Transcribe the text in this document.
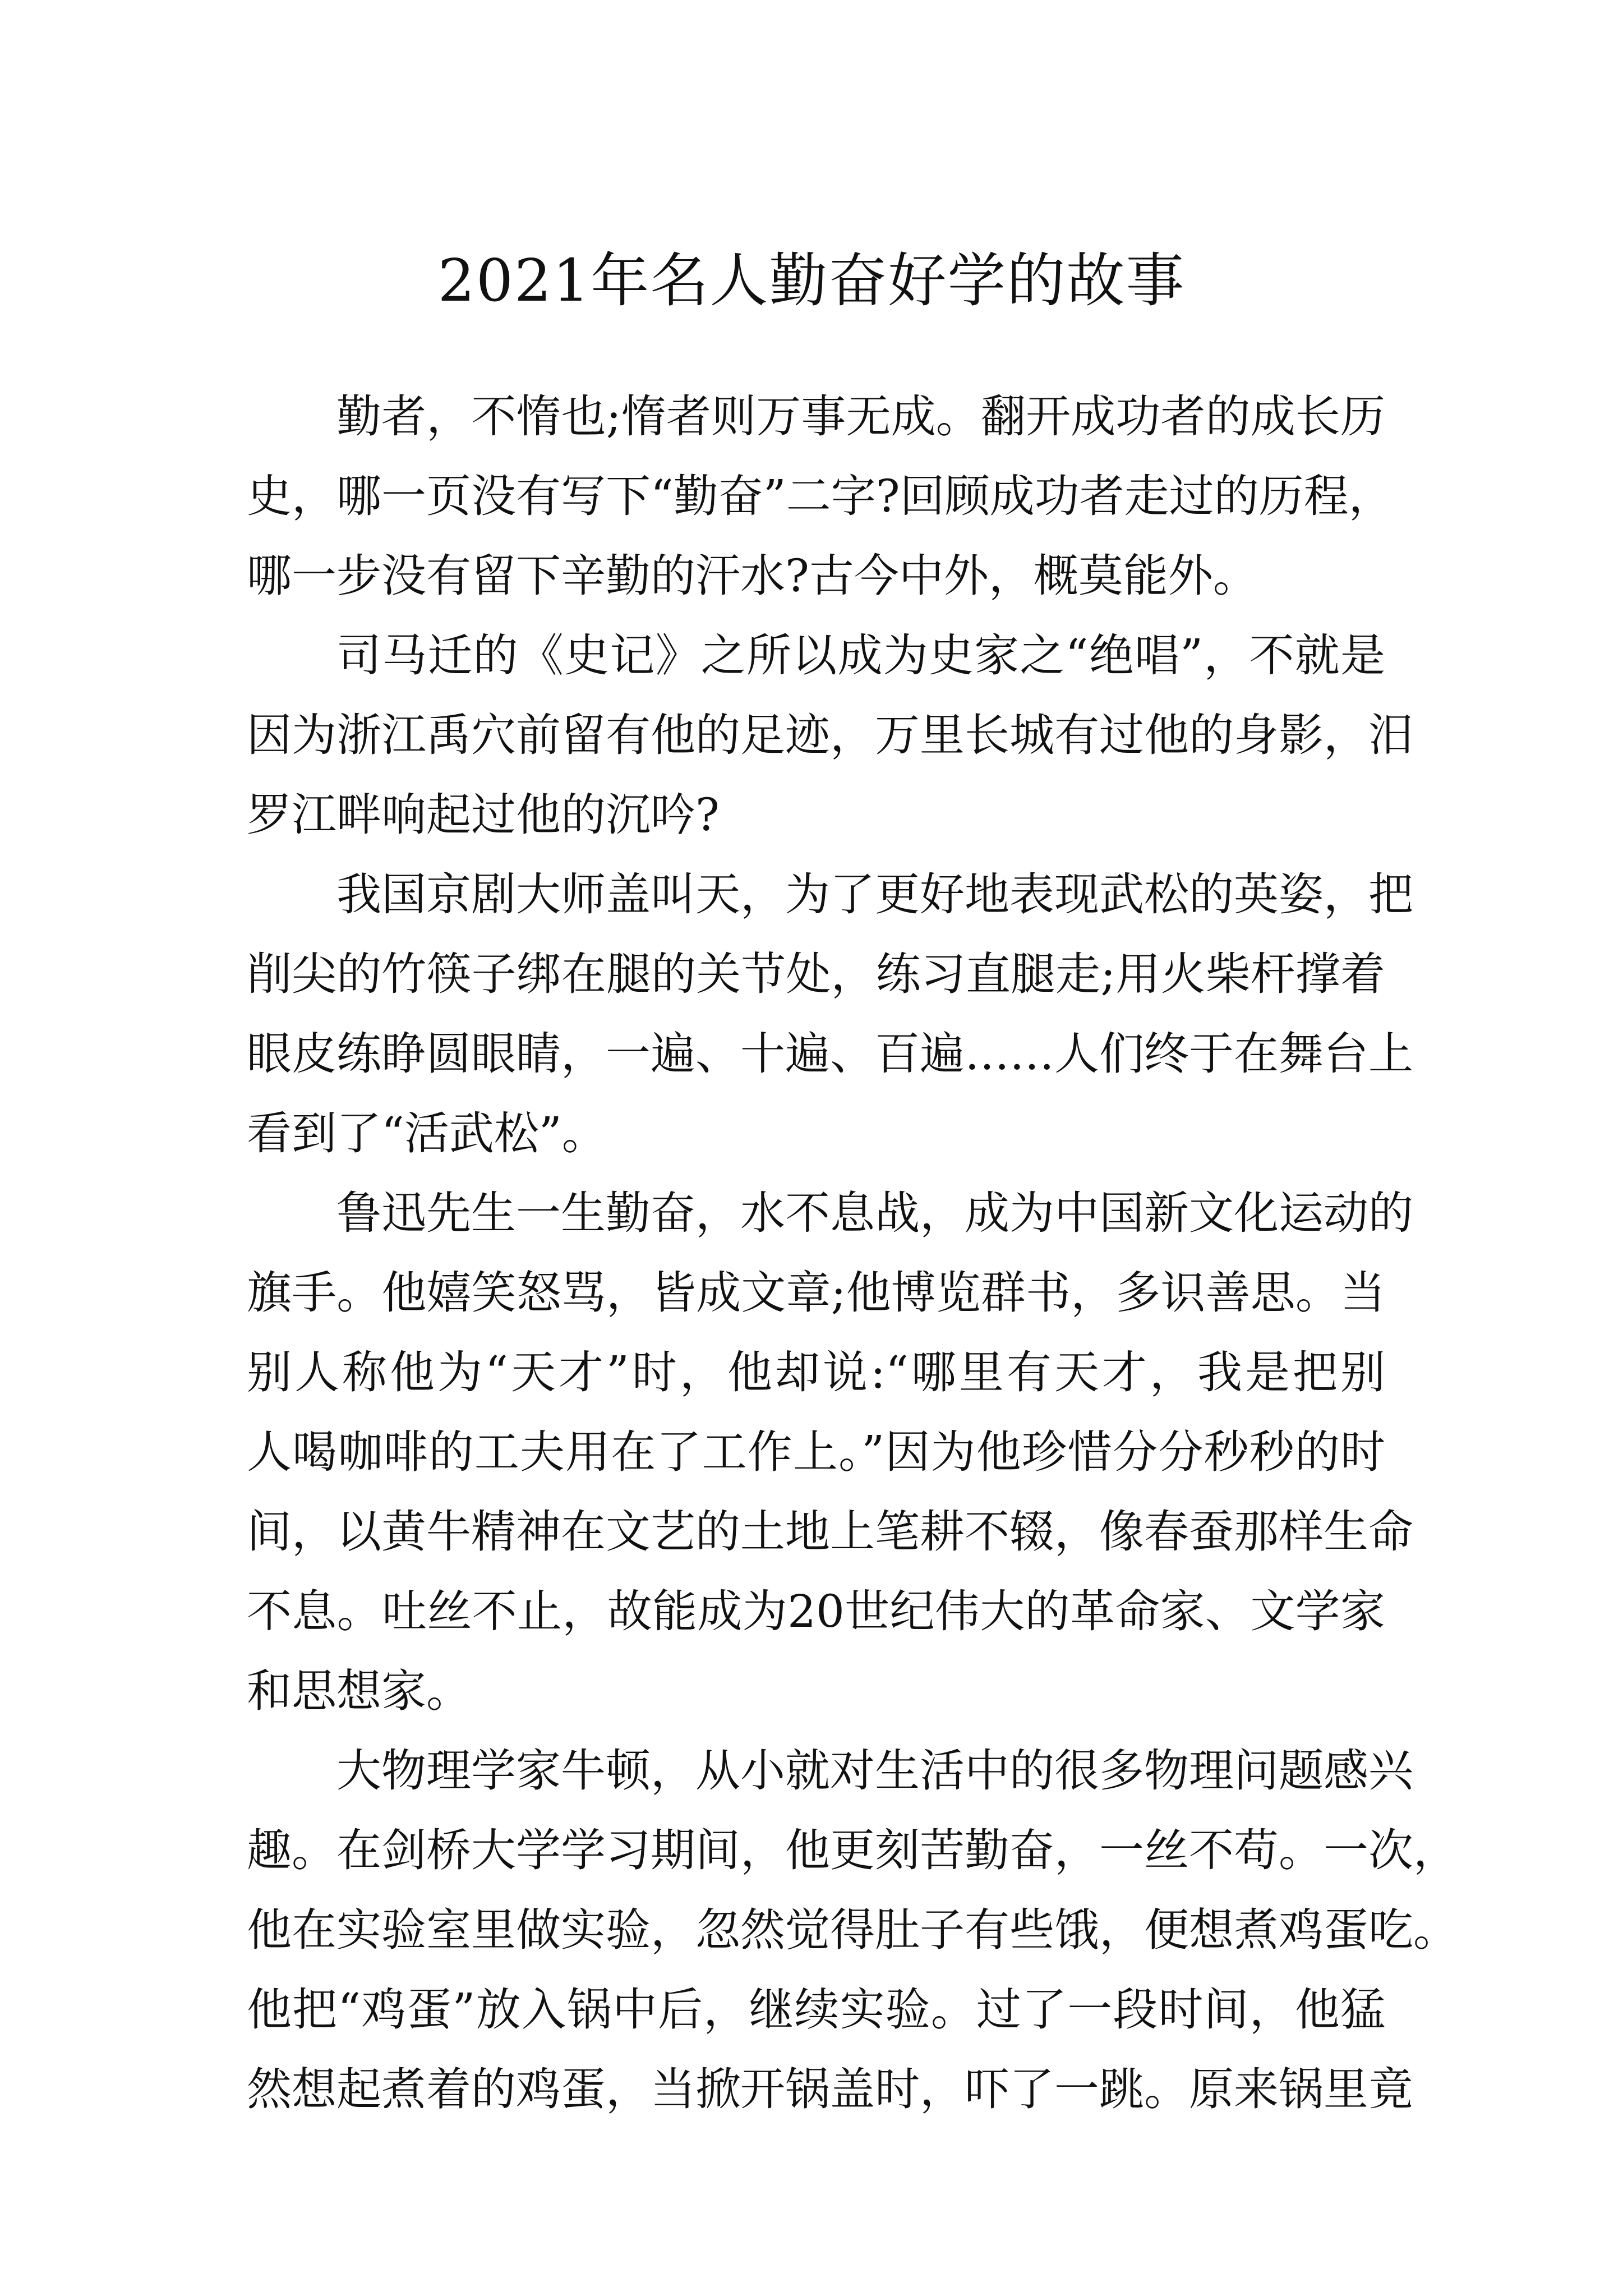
2021年名人勤奋好学的故事
勤者，不惰也;惰者则万事无成。翻开成功者的成长历
史，哪一页没有写下“勤奋”二字?回顾成功者走过的历程，
哪一步没有留下辛勤的汗水?古今中外，概莫能外。
司马迁的《史记》之所以成为史家之“绝唱”，不就是
因为浙江禹穴前留有他的足迹，万里长城有过他的身影，汨
罗江畔响起过他的沉吟?
我国京剧大师盖叫天，为了更好地表现武松的英姿，把
削尖的竹筷子绑在腿的关节处，练习直腿走;用火柴杆撑着
眼皮练睁圆眼睛，一遍、十遍、百遍……人们终于在舞台上
看到了“活武松”。
鲁迅先生一生勤奋，水不息战，成为中国新文化运动的
旗手。他嬉笑怒骂，皆成文章;他博览群书，多识善思。当
别人称他为“天才”时，他却说:“哪里有天才，我是把别
人喝咖啡的工夫用在了工作上。”因为他珍惜分分秒秒的时
间，以黄牛精神在文艺的土地上笔耕不辍，像春蚕那样生命
不息。吐丝不止，故能成为20世纪伟大的革命家、文学家
和思想家。
大物理学家牛顿，从小就对生活中的很多物理问题感兴
趣。在剑桥大学学习期间，他更刻苦勤奋，一丝不苟。一次，
他在实验室里做实验，忽然觉得肚子有些饿，便想煮鸡蛋吃。
他把“鸡蛋”放入锅中后，继续实验。过了一段时间，他猛
然想起煮着的鸡蛋，当掀开锅盖时，吓了一跳。原来锅里竟
